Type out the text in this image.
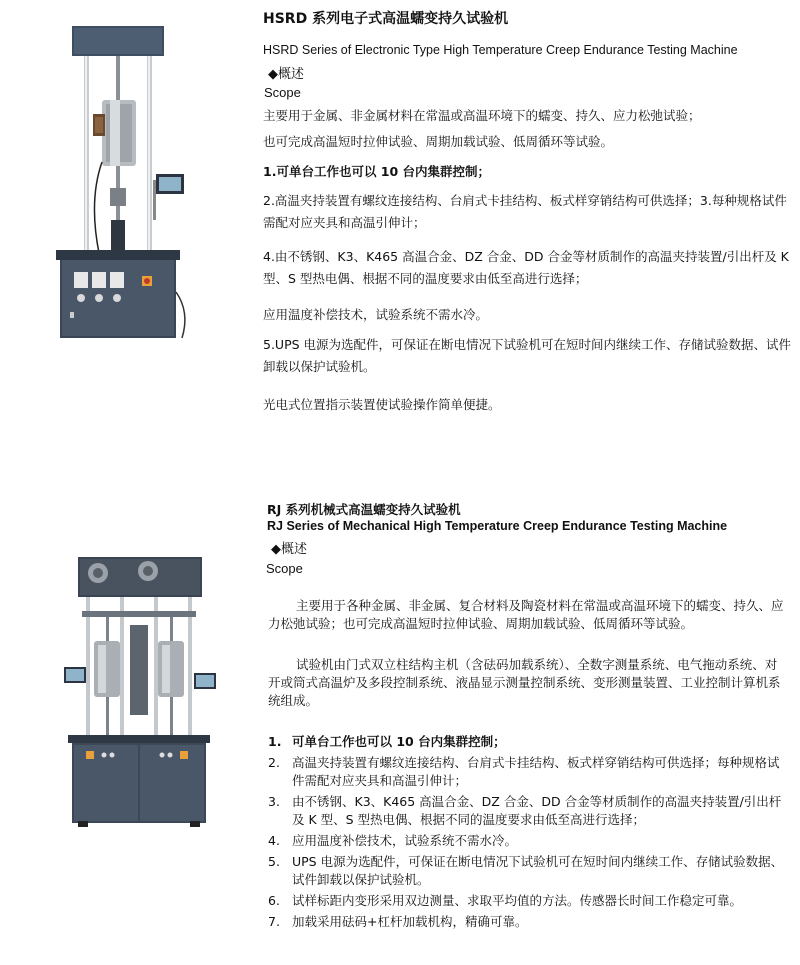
HSRD 系列电子式高温蠕变持久试验机
HSRD Series of Electronic Type High Temperature Creep Endurance Testing Machine
◆概述
Scope
主要用于金属、非金属材料在常温或高温环境下的蠕变、持久、应力松弛试验；
也可完成高温短时拉伸试验、周期加载试验、低周循环等试验。
1.可单台工作也可以 10 台内集群控制；
2.高温夹持装置有螺纹连接结构、台肩式卡挂结构、板式样穿销结构可供选择；3.每种规格试件需配对应夹具和高温引伸计；
4.由不锈钢、K3、K465 高温合金、DZ 合金、DD 合金等材质制作的高温夹持装置/引出杆及 K 型、S 型热电偶、根据不同的温度要求由低至高进行选择；
应用温度补偿技术，试验系统不需水冷。
5.UPS 电源为选配件，可保证在断电情况下试验机可在短时间内继续工作、存储试验数据、试件卸载以保护试验机。
光电式位置指示装置使试验操作简单便捷。
RJ 系列机械式高温蠕变持久试验机
RJ Series of Mechanical High Temperature Creep Endurance Testing Machine
◆概述
Scope
主要用于各种金属、非金属、复合材料及陶瓷材料在常温或高温环境下的蠕变、持久、应力松弛试验；也可完成高温短时拉伸试验、周期加载试验、低周循环等试验。
试验机由门式双立柱结构主机（含砝码加载系统）、全数字测量系统、电气拖动系统、对开或筒式高温炉及多段控制系统、液晶显示测量控制系统、变形测量装置、工业控制计算机系统组成。
1. 可单台工作也可以 10 台内集群控制；
2. 高温夹持装置有螺纹连接结构、台肩式卡挂结构、板式样穿销结构可供选择；每种规格试件需配对应夹具和高温引伸计；
3. 由不锈钢、K3、K465 高温合金、DZ 合金、DD 合金等材质制作的高温夹持装置/引出杆及 K 型、S 型热电偶、根据不同的温度要求由低至高进行选择；
4. 应用温度补偿技术，试验系统不需水冷。
5. UPS 电源为选配件，可保证在断电情况下试验机可在短时间内继续工作、存储试验数据、试件卸载以保护试验机。
6. 试样标距内变形采用双边测量、求取平均值的方法。传感器长时间工作稳定可靠。
7. 加载采用砝码+杠杆加载机构，精确可靠。
